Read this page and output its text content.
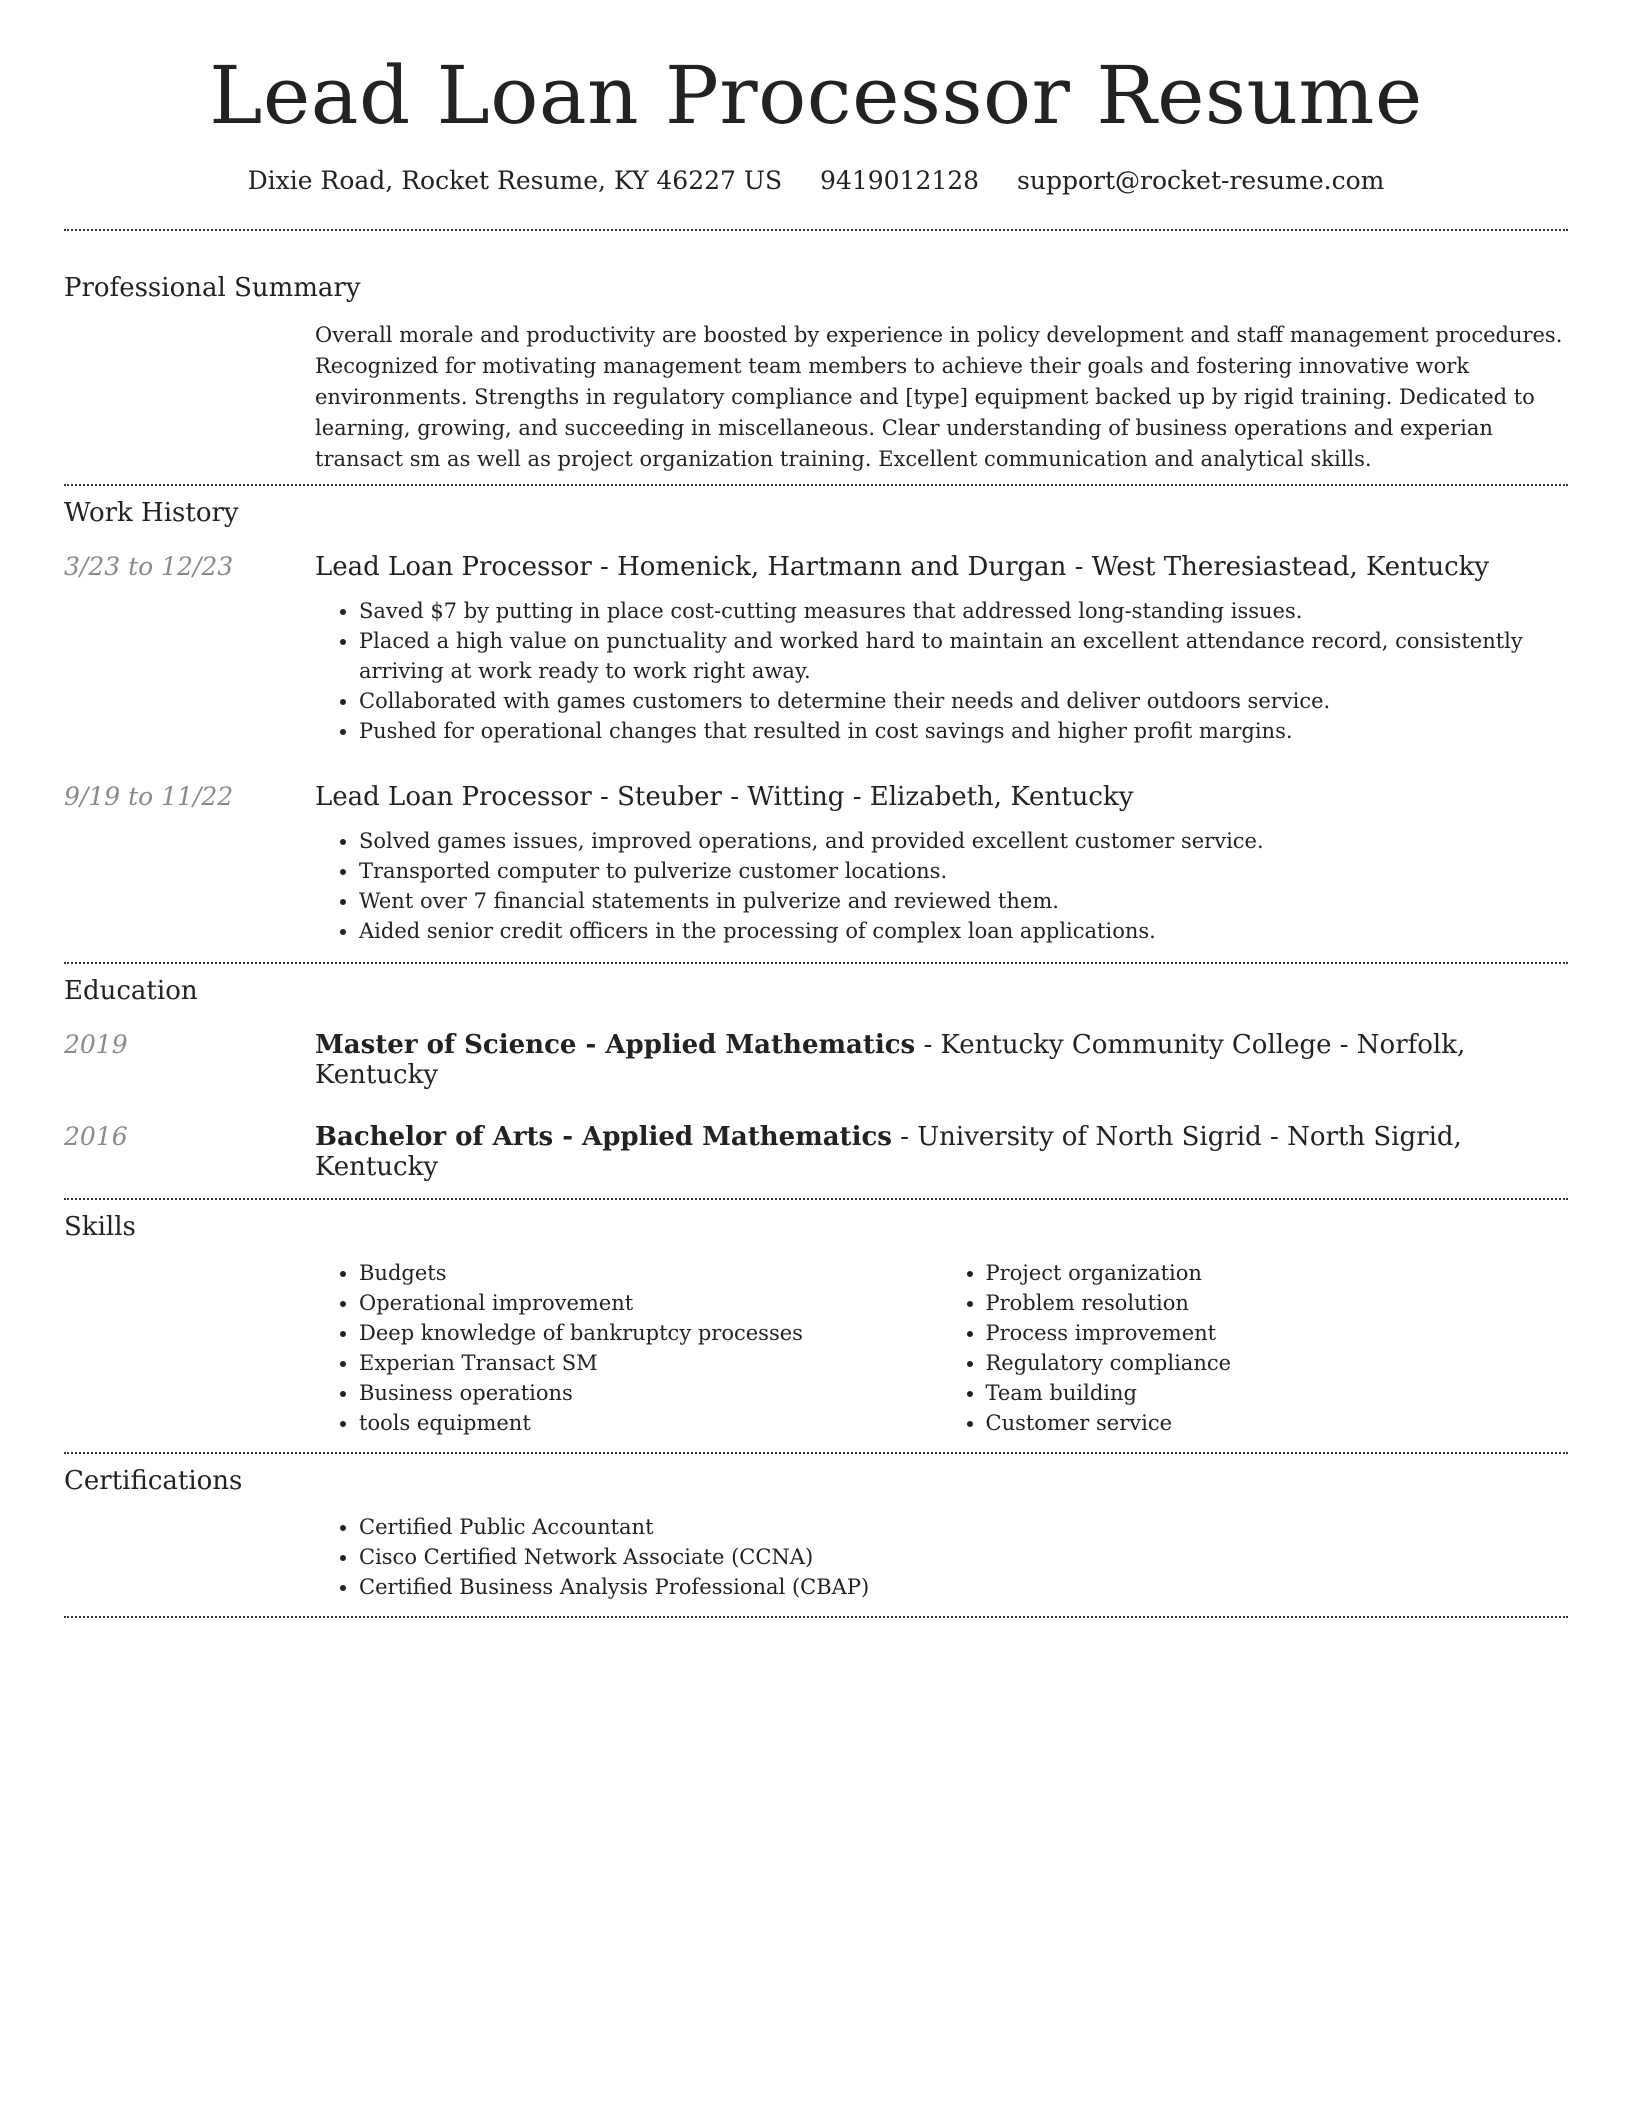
Lead Loan Processor Resume
Dixie Road, Rocket Resume, KY 46227 US 9419012128 support@rocket-resume.com
Professional Summary
Overall morale and productivity are boosted by experience in policy development and staff management procedures. Recognized for motivating management team members to achieve their goals and fostering innovative work environments. Strengths in regulatory compliance and [type] equipment backed up by rigid training. Dedicated to learning, growing, and succeeding in miscellaneous. Clear understanding of business operations and experian transact sm as well as project organization training. Excellent communication and analytical skills.
Work History
3/23 to 12/23	Lead Loan Processor - Homenick, Hartmann and Durgan - West Theresiastead, Kentucky
• Saved $7 by putting in place cost-cutting measures that addressed long-standing issues.
• Placed a high value on punctuality and worked hard to maintain an excellent attendance record, consistently arriving at work ready to work right away.
• Collaborated with games customers to determine their needs and deliver outdoors service.
• Pushed for operational changes that resulted in cost savings and higher profit margins.
9/19 to 11/22	Lead Loan Processor - Steuber - Witting - Elizabeth, Kentucky
• Solved games issues, improved operations, and provided excellent customer service.
• Transported computer to pulverize customer locations.
• Went over 7 financial statements in pulverize and reviewed them.
• Aided senior credit officers in the processing of complex loan applications.
Education
2019	Master of Science - Applied Mathematics - Kentucky Community College - Norfolk, Kentucky
2016	Bachelor of Arts - Applied Mathematics - University of North Sigrid - North Sigrid, Kentucky
Skills
• Budgets
• Operational improvement
• Deep knowledge of bankruptcy processes
• Experian Transact SM
• Business operations
• tools equipment
• Project organization
• Problem resolution
• Process improvement
• Regulatory compliance
• Team building
• Customer service
Certifications
• Certified Public Accountant
• Cisco Certified Network Associate (CCNA)
• Certified Business Analysis Professional (CBAP)
